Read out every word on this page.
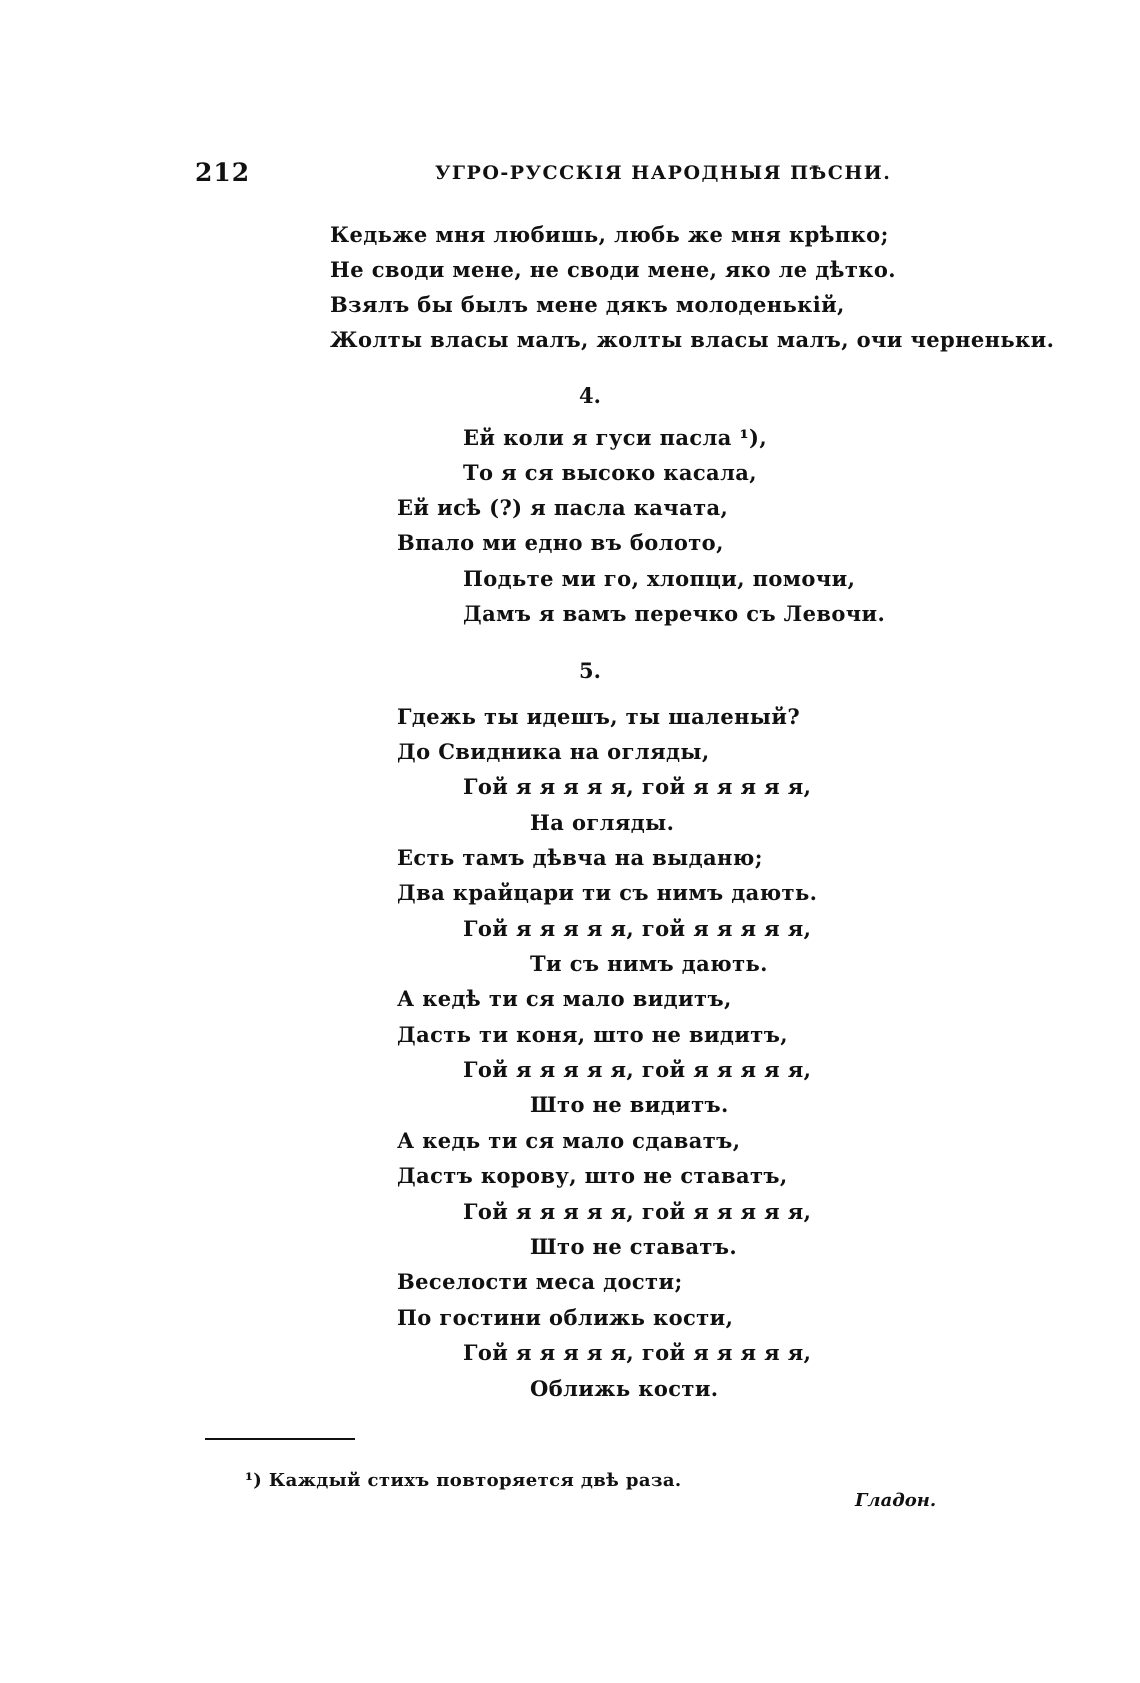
212	УГРО-РУССКІЯ НАРОДНЫЯ ПѢСНИ.
Кедьже мня любишь, любь же мня крѣпко;
Не своди мене, не своди мене, яко ле дѣтко.
Взялъ бы былъ мене дякъ молоденькій,
Жолты власы малъ, жолты власы малъ, очи черненьки.
4.
Ей коли я гуси пасла ¹),
То я ся высоко касала,
Ей исѣ (?) я пасла качата,
Впало ми едно въ болото,
Подьте ми го, хлопци, помочи,
Дамъ я вамъ перечко съ Левочи.
5.
Гдежь ты идешъ, ты шаленый?
До Свидника на огляды,
Гой я я я я я, гой я я я я я,
На огляды.
Есть тамъ дѣвча на выданю;
Два крайцари ти съ нимъ дають.
Гой я я я я я, гой я я я я я,
Ти съ нимъ дають.
А кедѣ ти ся мало видитъ,
Дасть ти коня, што не видитъ,
Гой я я я я я, гой я я я я я,
Што не видитъ.
А кедь ти ся мало сдаватъ,
Дастъ корову, што не ставатъ,
Гой я я я я я, гой я я я я я,
Што не ставатъ.
Веселости меса дости;
По гостини оближь кости,
Гой я я я я я, гой я я я я я,
Оближь кости.
¹) Каждый стихъ повторяется двѣ раза.
Гладон.
